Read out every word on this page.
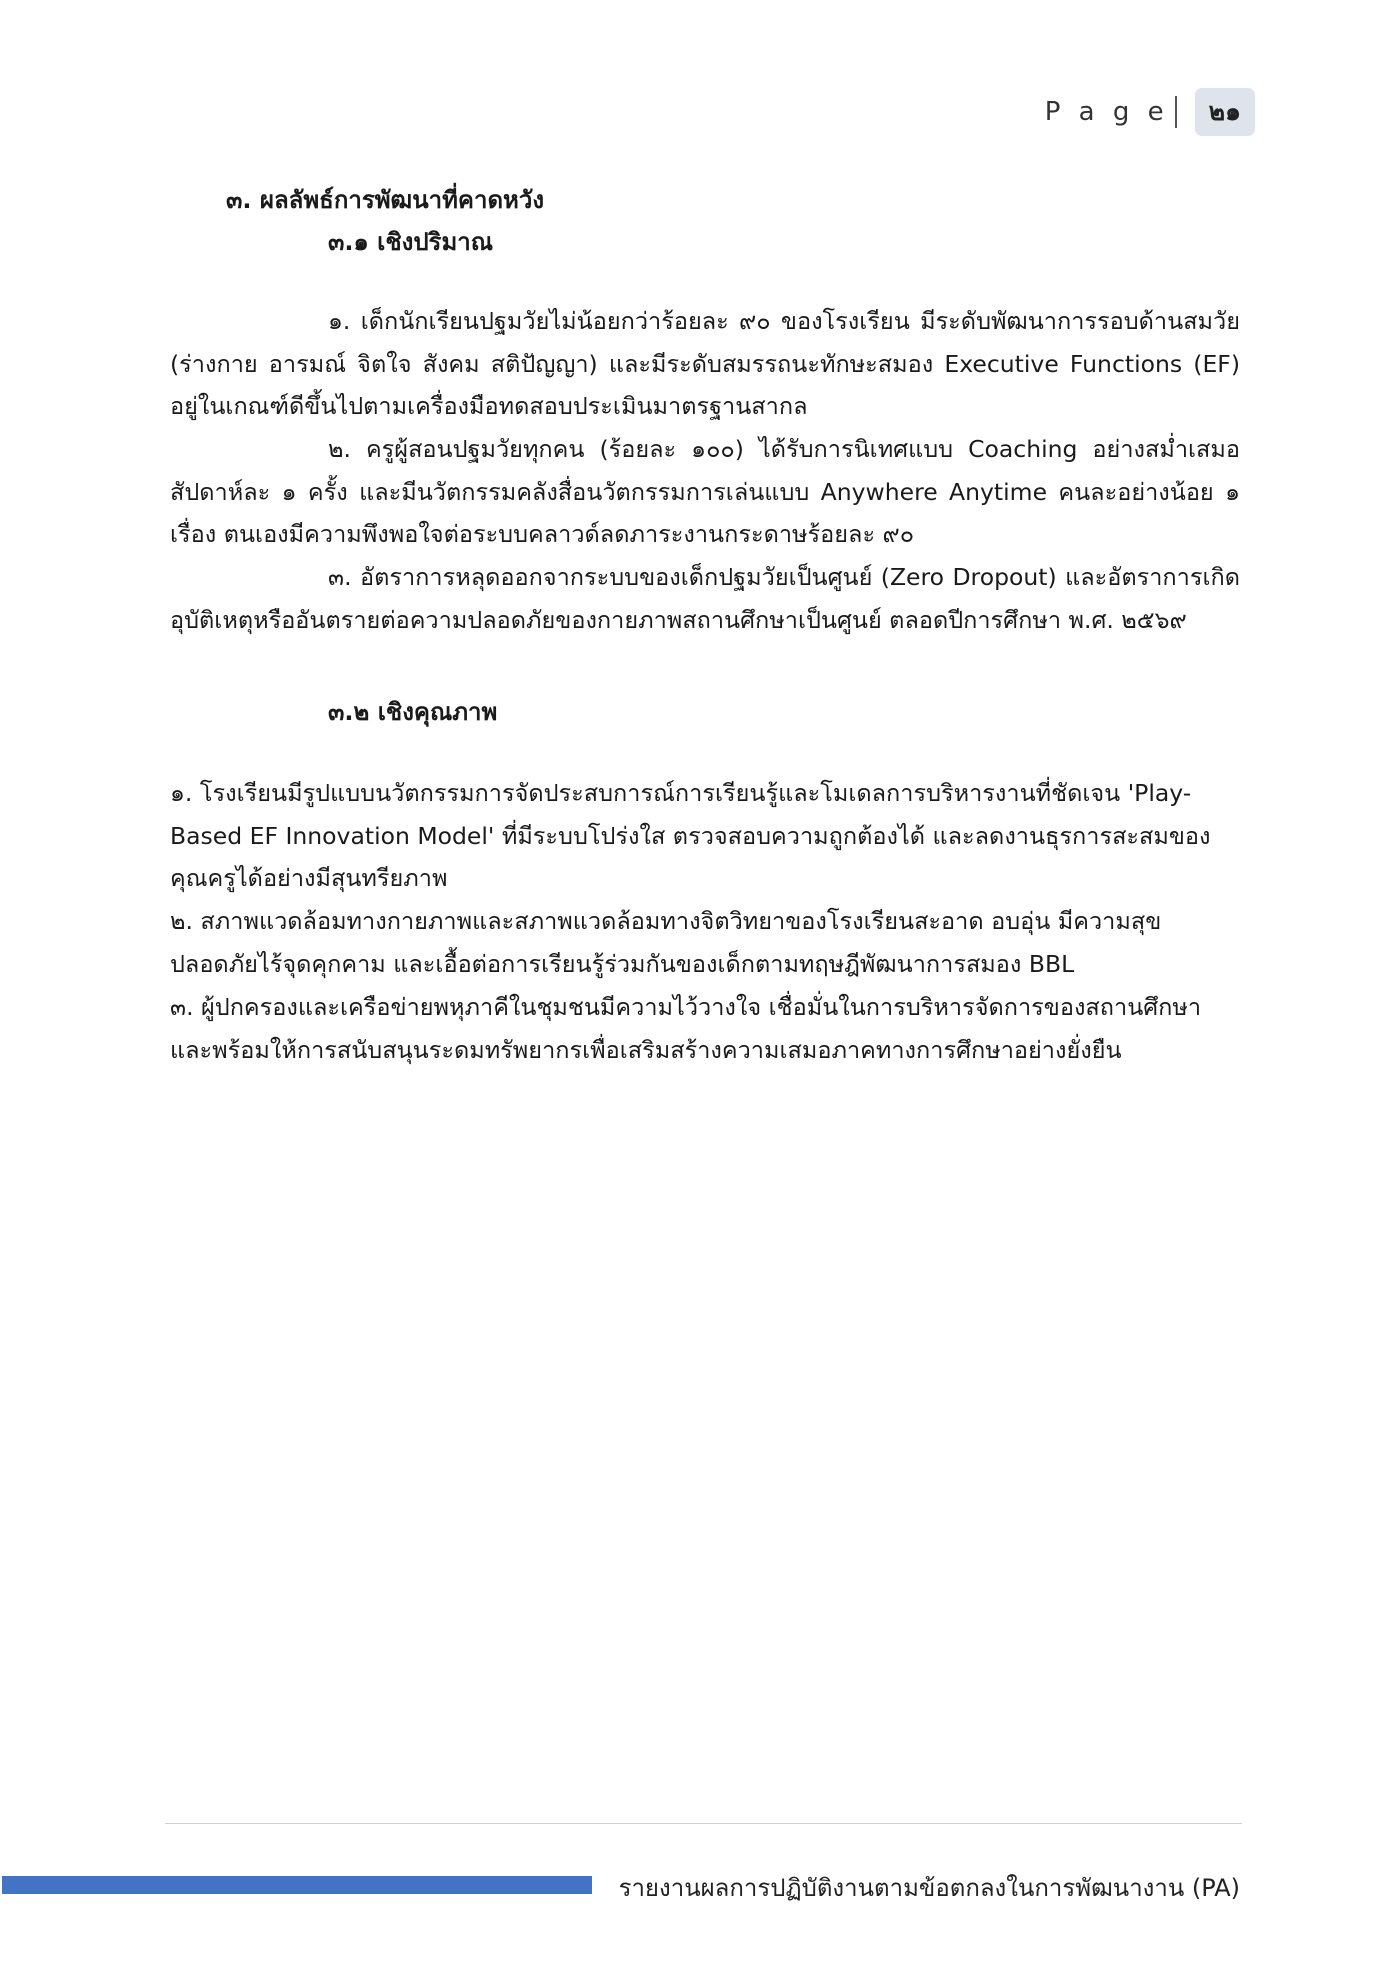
P a g e	๒๑
๓. ผลลัพธ์การพัฒนาที่คาดหวัง
๓.๑ เชิงปริมาณ

๑. เด็กนักเรียนปฐมวัยไม่น้อยกว่าร้อยละ ๙๐ ของโรงเรียน มีระดับพัฒนาการรอบด้านสมวัย (ร่างกาย อารมณ์ จิตใจ สังคม สติปัญญา) และมีระดับสมรรถนะทักษะสมอง Executive Functions (EF) อยู่ในเกณฑ์ดีขึ้นไปตามเครื่องมือทดสอบประเมินมาตรฐานสากล

๒. ครูผู้สอนปฐมวัยทุกคน (ร้อยละ ๑๐๐) ได้รับการนิเทศแบบ Coaching อย่างสม่ำเสมอสัปดาห์ละ ๑ ครั้ง และมีนวัตกรรมคลังสื่อนวัตกรรมการเล่นแบบ Anywhere Anytime คนละอย่างน้อย ๑ เรื่อง ตนเองมีความพึงพอใจต่อระบบคลาวด์ลดภาระงานกระดาษร้อยละ ๙๐

๓. อัตราการหลุดออกจากระบบของเด็กปฐมวัยเป็นศูนย์ (Zero Dropout) และอัตราการเกิดอุบัติเหตุหรืออันตรายต่อความปลอดภัยของกายภาพสถานศึกษาเป็นศูนย์ ตลอดปีการศึกษา พ.ศ. ๒๕๖๙

๓.๒ เชิงคุณภาพ

๑. โรงเรียนมีรูปแบบนวัตกรรมการจัดประสบการณ์การเรียนรู้และโมเดลการบริหารงานที่ชัดเจน 'Play-Based EF Innovation Model' ที่มีระบบโปร่งใส ตรวจสอบความถูกต้องได้ และลดงานธุรการสะสมของคุณครูได้อย่างมีสุนทรียภาพ

๒. สภาพแวดล้อมทางกายภาพและสภาพแวดล้อมทางจิตวิทยาของโรงเรียนสะอาด อบอุ่น มีความสุข ปลอดภัยไร้จุดคุกคาม และเอื้อต่อการเรียนรู้ร่วมกันของเด็กตามทฤษฎีพัฒนาการสมอง BBL

๓. ผู้ปกครองและเครือข่ายพหุภาคีในชุมชนมีความไว้วางใจ เชื่อมั่นในการบริหารจัดการของสถานศึกษา และพร้อมให้การสนับสนุนระดมทรัพยากรเพื่อเสริมสร้างความเสมอภาคทางการศึกษาอย่างยั่งยืน

รายงานผลการปฏิบัติงานตามข้อตกลงในการพัฒนางาน (PA)
